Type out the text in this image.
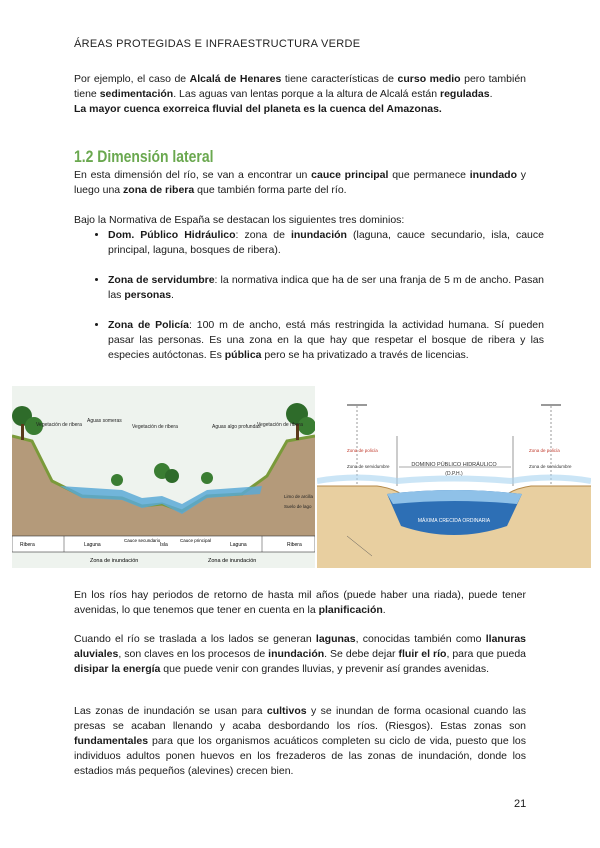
ÁREAS PROTEGIDAS E INFRAESTRUCTURA VERDE
Por ejemplo, el caso de Alcalá de Henares tiene características de curso medio pero también tiene sedimentación. Las aguas van lentas porque a la altura de Alcalá están reguladas.
La mayor cuenca exorreica fluvial del planeta es la cuenca del Amazonas.
1.2 Dimensión lateral
En esta dimensión del río, se van a encontrar un cauce principal que permanece inundado y luego una zona de ribera que también forma parte del río.
Bajo la Normativa de España se destacan los siguientes tres dominios:
• Dom. Público Hidráulico: zona de inundación (laguna, cauce secundario, isla, cauce principal, laguna, bosques de ribera).
• Zona de servidumbre: la normativa indica que ha de ser una franja de 5 m de ancho. Pasan las personas.
• Zona de Policía: 100 m de ancho, está más restringida la actividad humana. Sí pueden pasar las personas. Es una zona en la que hay que respetar el bosque de ribera y las especies autóctonas. Es pública pero se ha privatizado a través de licencias.
Vegetación de ribera
Aguas someras
Vegetación de ribera	Aguas algo profundas
Vegetación de ribera
Limo de arcilla
Suelo de lago
Ribera	Laguna
Cauce secundario
Isla
Cauce principal
Laguna	Ribera
Zona de inundación	Zona de inundación
Zona de policía
Zona de servidumbre
Zona de policía
Zona de servidumbre
DOMINIO PÚBLICO HIDRÁULICO
(D.P.H.)
MÁXIMA CRECIDA ORDINARIA
En los ríos hay periodos de retorno de hasta mil años (puede haber una riada), puede tener avenidas, lo que tenemos que tener en cuenta en la planificación.
Cuando el río se traslada a los lados se generan lagunas, conocidas también como llanuras aluviales, son claves en los procesos de inundación. Se debe dejar fluir el río, para que pueda disipar la energía que puede venir con grandes lluvias, y prevenir así grandes avenidas.
Las zonas de inundación se usan para cultivos y se inundan de forma ocasional cuando las presas se acaban llenando y acaba desbordando los ríos. (Riesgos). Estas zonas son fundamentales para que los organismos acuáticos completen su ciclo de vida, puesto que los individuos adultos ponen huevos en los frezaderos de las zonas de inundación, donde los estadios más pequeños (alevines) crecen bien.
21
